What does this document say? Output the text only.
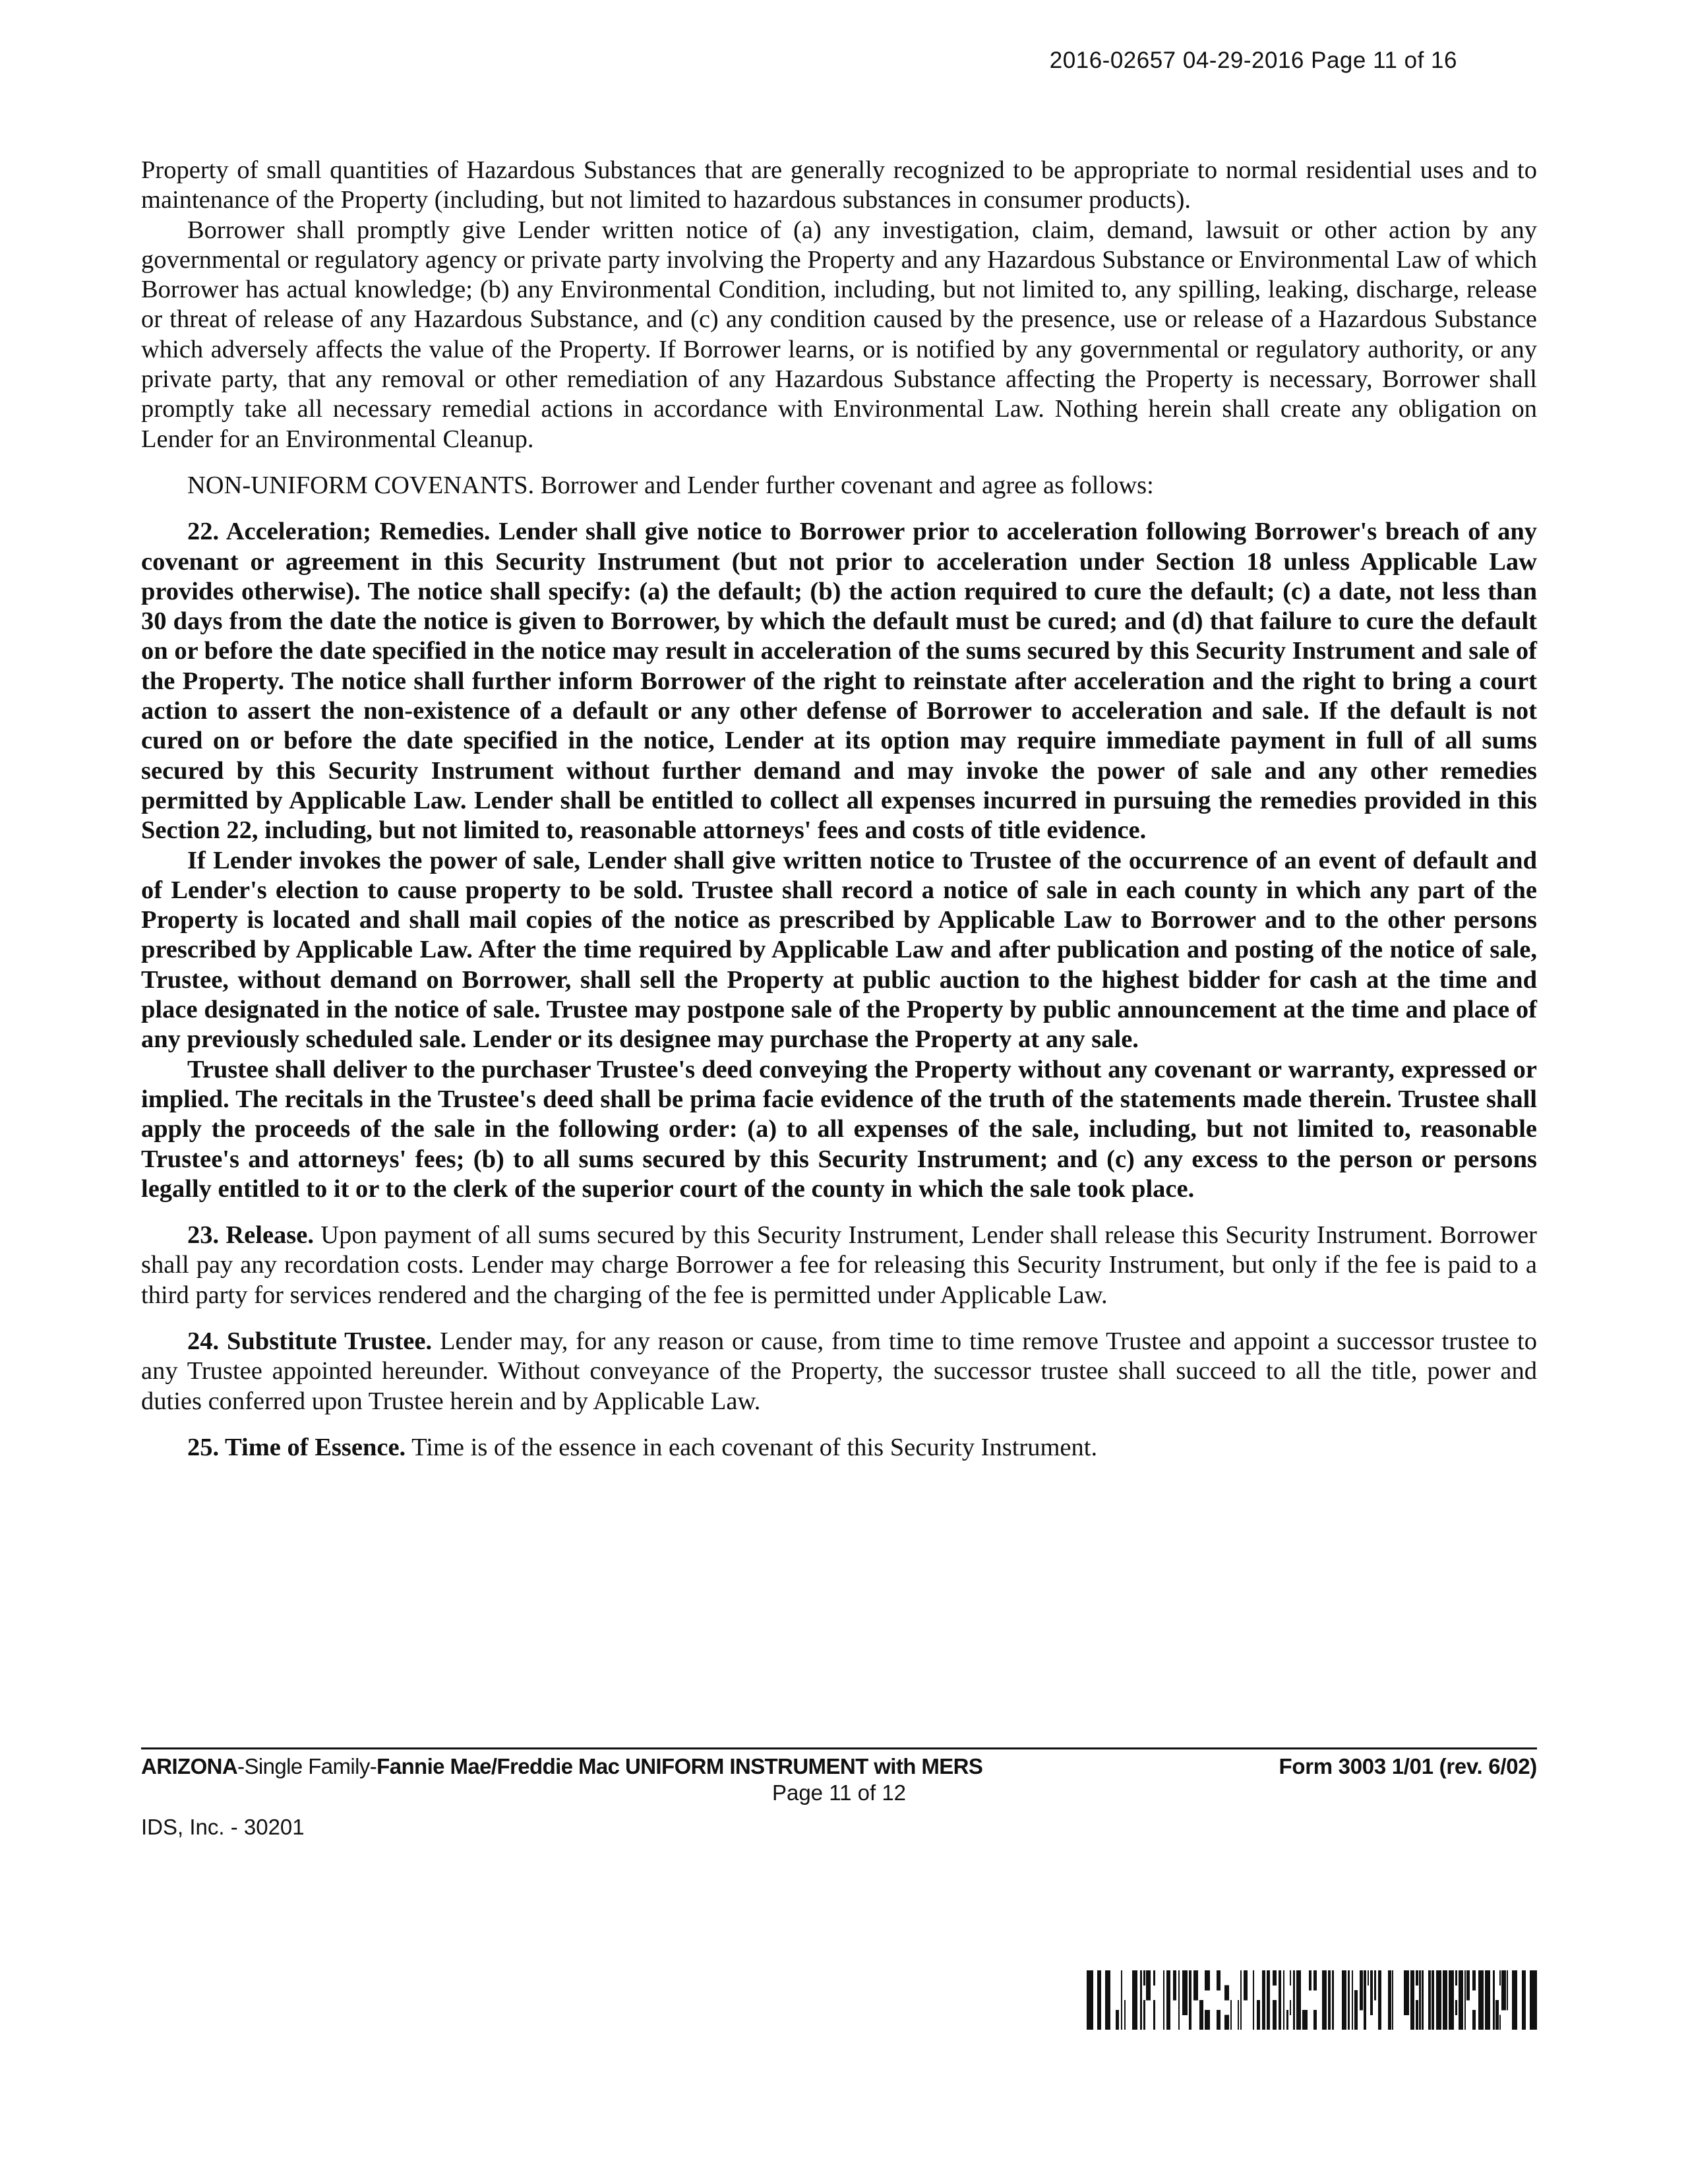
2016-02657 04-29-2016 Page 11 of 16

Property of small quantities of Hazardous Substances that are generally recognized to be appropriate to normal residential uses and to maintenance of the Property (including, but not limited to hazardous substances in consumer products).

Borrower shall promptly give Lender written notice of (a) any investigation, claim, demand, lawsuit or other action by any governmental or regulatory agency or private party involving the Property and any Hazardous Substance or Environmental Law of which Borrower has actual knowledge; (b) any Environmental Condition, including, but not limited to, any spilling, leaking, discharge, release or threat of release of any Hazardous Substance, and (c) any condition caused by the presence, use or release of a Hazardous Substance which adversely affects the value of the Property. If Borrower learns, or is notified by any governmental or regulatory authority, or any private party, that any removal or other remediation of any Hazardous Substance affecting the Property is necessary, Borrower shall promptly take all necessary remedial actions in accordance with Environmental Law. Nothing herein shall create any obligation on Lender for an Environmental Cleanup.

NON-UNIFORM COVENANTS. Borrower and Lender further covenant and agree as follows:

22. Acceleration; Remedies. Lender shall give notice to Borrower prior to acceleration following Borrower's breach of any covenant or agreement in this Security Instrument (but not prior to acceleration under Section 18 unless Applicable Law provides otherwise). The notice shall specify: (a) the default; (b) the action required to cure the default; (c) a date, not less than 30 days from the date the notice is given to Borrower, by which the default must be cured; and (d) that failure to cure the default on or before the date specified in the notice may result in acceleration of the sums secured by this Security Instrument and sale of the Property. The notice shall further inform Borrower of the right to reinstate after acceleration and the right to bring a court action to assert the non-existence of a default or any other defense of Borrower to acceleration and sale. If the default is not cured on or before the date specified in the notice, Lender at its option may require immediate payment in full of all sums secured by this Security Instrument without further demand and may invoke the power of sale and any other remedies permitted by Applicable Law. Lender shall be entitled to collect all expenses incurred in pursuing the remedies provided in this Section 22, including, but not limited to, reasonable attorneys' fees and costs of title evidence.

If Lender invokes the power of sale, Lender shall give written notice to Trustee of the occurrence of an event of default and of Lender's election to cause property to be sold. Trustee shall record a notice of sale in each county in which any part of the Property is located and shall mail copies of the notice as prescribed by Applicable Law to Borrower and to the other persons prescribed by Applicable Law. After the time required by Applicable Law and after publication and posting of the notice of sale, Trustee, without demand on Borrower, shall sell the Property at public auction to the highest bidder for cash at the time and place designated in the notice of sale. Trustee may postpone sale of the Property by public announcement at the time and place of any previously scheduled sale. Lender or its designee may purchase the Property at any sale.

Trustee shall deliver to the purchaser Trustee's deed conveying the Property without any covenant or warranty, expressed or implied. The recitals in the Trustee's deed shall be prima facie evidence of the truth of the statements made therein. Trustee shall apply the proceeds of the sale in the following order: (a) to all expenses of the sale, including, but not limited to, reasonable Trustee's and attorneys' fees; (b) to all sums secured by this Security Instrument; and (c) any excess to the person or persons legally entitled to it or to the clerk of the superior court of the county in which the sale took place.

23. Release. Upon payment of all sums secured by this Security Instrument, Lender shall release this Security Instrument. Borrower shall pay any recordation costs. Lender may charge Borrower a fee for releasing this Security Instrument, but only if the fee is paid to a third party for services rendered and the charging of the fee is permitted under Applicable Law.

24. Substitute Trustee. Lender may, for any reason or cause, from time to time remove Trustee and appoint a successor trustee to any Trustee appointed hereunder. Without conveyance of the Property, the successor trustee shall succeed to all the title, power and duties conferred upon Trustee herein and by Applicable Law.

25. Time of Essence. Time is of the essence in each covenant of this Security Instrument.

ARIZONA-Single Family-Fannie Mae/Freddie Mac UNIFORM INSTRUMENT with MERS	Form 3003 1/01 (rev. 6/02)
Page 11 of 12
IDS, Inc. - 30201
